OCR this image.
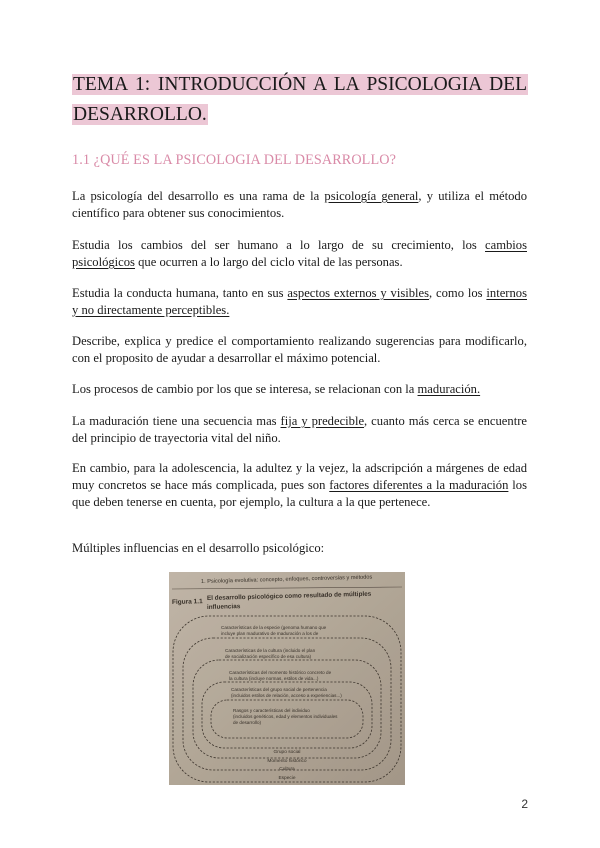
TEMA 1: INTRODUCCIÓN A LA PSICOLOGIA DEL
DESARROLLO.
1.1 ¿QUÉ ES LA PSICOLOGIA DEL DESARROLLO?

La psicología del desarrollo es una rama de la psicología general, y utiliza el método científico para obtener sus conocimientos.

Estudia los cambios del ser humano a lo largo de su crecimiento, los cambios psicológicos que ocurren a lo largo del ciclo vital de las personas.

Estudia la conducta humana, tanto en sus aspectos externos y visibles, como los internos y no directamente perceptibles.

Describe, explica y predice el comportamiento realizando sugerencias para modificarlo, con el proposito de ayudar a desarrollar el máximo potencial.

Los procesos de cambio por los que se interesa, se relacionan con la maduración.

La maduración tiene una secuencia mas fija y predecible, cuanto más cerca se encuentre del principio de trayectoria vital del niño.

En cambio, para la adolescencia, la adultez y la vejez, la adscripción a márgenes de edad muy concretos se hace más complicada, pues son factores diferentes a la maduración los que deben tenerse en cuenta, por ejemplo, la cultura a la que pertenece.

Múltiples influencias en el desarrollo psicológico:

1. Psicología evolutiva: concepto, enfoques, controversias y métodos
Figura 1.1
El desarrollo psicológico como resultado de múltiples
influencias
Características de la especie (genoma humano que
incluye plan madurativo de maduración a los de
Características de la cultura (incluido el plan
de socialización específico de esa cultura)
Características del momento histórico concreto de
la cultura (incluye normas, estilos de vida...)
Características del grupo social de pertenencia
(incluidos estilos de relación, acceso a experiencias...)
Rasgos y características del individuo
(incluidos genéticos, edad y elementos individuales
de desarrollo)
Grupo social
Momento histórico
Cultura
Especie
2
